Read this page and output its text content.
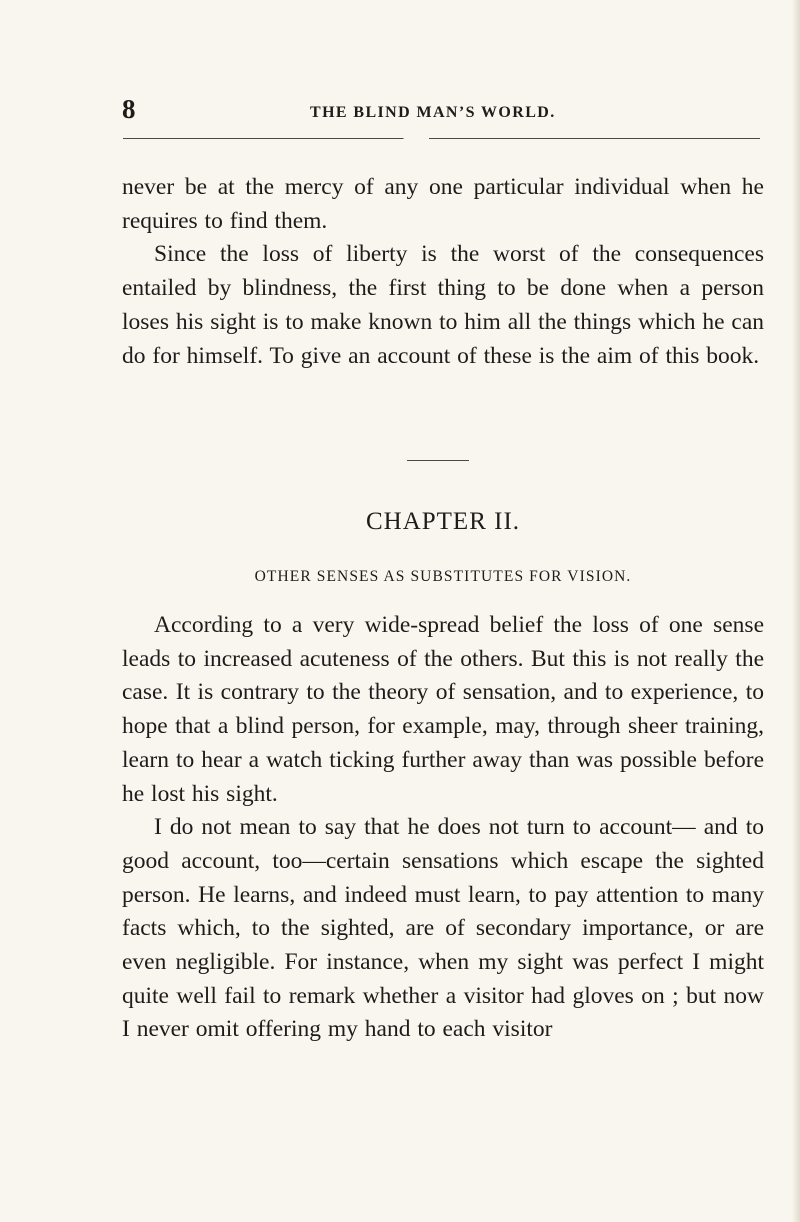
8	THE BLIND MAN’S WORLD.

never be at the mercy of any one particular individual when he requires to find them.

Since the loss of liberty is the worst of the consequences entailed by blindness, the first thing to be done when a person loses his sight is to make known to him all the things which he can do for himself. To give an account of these is the aim of this book.

CHAPTER II.
OTHER SENSES AS SUBSTITUTES FOR VISION.

According to a very wide-spread belief the loss of one sense leads to increased acuteness of the others. But this is not really the case. It is contrary to the theory of sensation, and to experience, to hope that a blind person, for example, may, through sheer training, learn to hear a watch ticking further away than was possible before he lost his sight.

I do not mean to say that he does not turn to account— and to good account, too—certain sensations which escape the sighted person. He learns, and indeed must learn, to pay attention to many facts which, to the sighted, are of secondary importance, or are even negligible. For instance, when my sight was perfect I might quite well fail to remark whether a visitor had gloves on ; but now I never omit offering my hand to each visitor
